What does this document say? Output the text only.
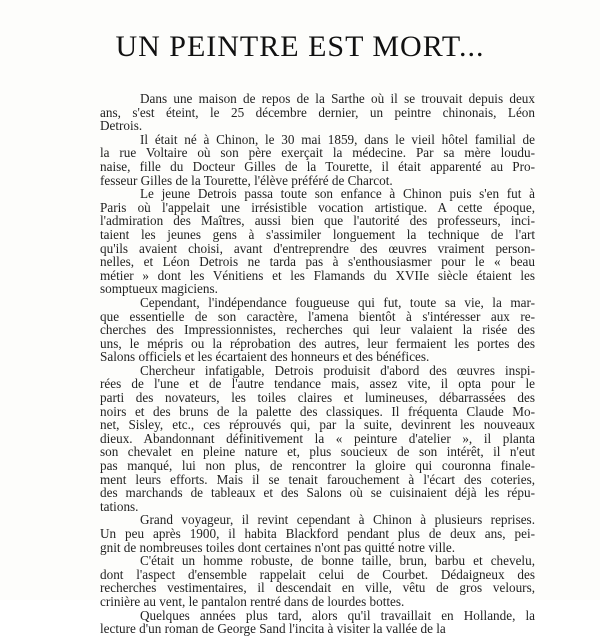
UN PEINTRE EST MORT...
Dans une maison de repos de la Sarthe où il se trouvait depuis deux
ans, s'est éteint, le 25 décembre dernier, un peintre chinonais, Léon
Detrois.
Il était né à Chinon, le 30 mai 1859, dans le vieil hôtel familial de
la rue Voltaire où son père exerçait la médecine. Par sa mère loudu-
naise, fille du Docteur Gilles de la Tourette, il était apparenté au Pro-
fesseur Gilles de la Tourette, l'élève préféré de Charcot.
Le jeune Detrois passa toute son enfance à Chinon puis s'en fut à
Paris où l'appelait une irrésistible vocation artistique. A cette époque,
l'admiration des Maîtres, aussi bien que l'autorité des professeurs, inci-
taient les jeunes gens à s'assimiler longuement la technique de l'art
qu'ils avaient choisi, avant d'entreprendre des œuvres vraiment person-
nelles, et Léon Detrois ne tarda pas à s'enthousiasmer pour le « beau
métier » dont les Vénitiens et les Flamands du XVIIe siècle étaient les
somptueux magiciens.
Cependant, l'indépendance fougueuse qui fut, toute sa vie, la mar-
que essentielle de son caractère, l'amena bientôt à s'intéresser aux re-
cherches des Impressionnistes, recherches qui leur valaient la risée des
uns, le mépris ou la réprobation des autres, leur fermaient les portes des
Salons officiels et les écartaient des honneurs et des bénéfices.
Chercheur infatigable, Detrois produisit d'abord des œuvres inspi-
rées de l'une et de l'autre tendance mais, assez vite, il opta pour le
parti des novateurs, les toiles claires et lumineuses, débarrassées des
noirs et des bruns de la palette des classiques. Il fréquenta Claude Mo-
net, Sisley, etc., ces réprouvés qui, par la suite, devinrent les nouveaux
dieux. Abandonnant définitivement la « peinture d'atelier », il planta
son chevalet en pleine nature et, plus soucieux de son intérêt, il n'eut
pas manqué, lui non plus, de rencontrer la gloire qui couronna finale-
ment leurs efforts. Mais il se tenait farouchement à l'écart des coteries,
des marchands de tableaux et des Salons où se cuisinaient déjà les répu-
tations.
Grand voyageur, il revint cependant à Chinon à plusieurs reprises.
Un peu après 1900, il habita Blackford pendant plus de deux ans, pei-
gnit de nombreuses toiles dont certaines n'ont pas quitté notre ville.
C'était un homme robuste, de bonne taille, brun, barbu et chevelu,
dont l'aspect d'ensemble rappelait celui de Courbet. Dédaigneux des
recherches vestimentaires, il descendait en ville, vêtu de gros velours,
crinière au vent, le pantalon rentré dans de lourdes bottes.
Quelques années plus tard, alors qu'il travaillait en Hollande, la
lecture d'un roman de George Sand l'incita à visiter la vallée de la
